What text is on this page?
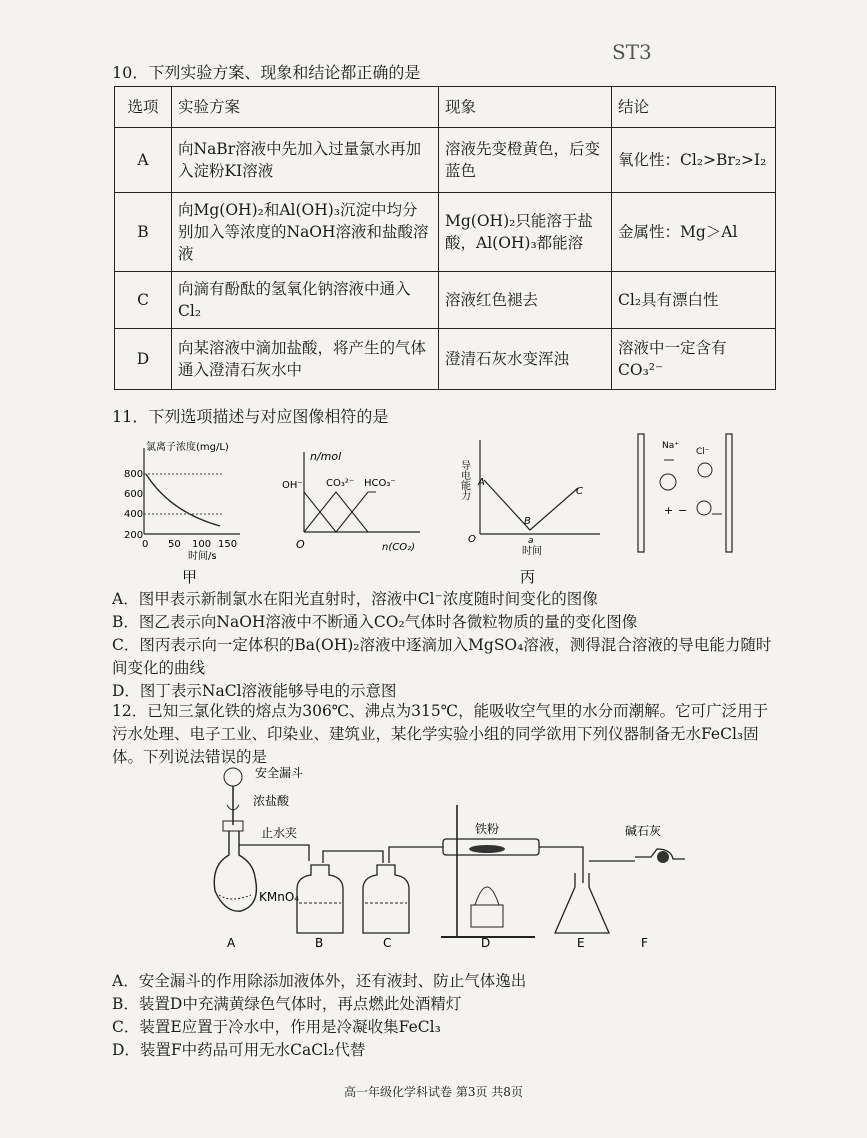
ST3
10．下列实验方案、现象和结论都正确的是
选项	实验方案	现象	结论
A	向NaBr溶液中先加入过量氯水再加入淀粉KI溶液	溶液先变橙黄色，后变蓝色	氧化性：Cl₂>Br₂>I₂
B	向Mg(OH)₂和Al(OH)₃沉淀中均分别加入等浓度的NaOH溶液和盐酸溶液	Mg(OH)₂只能溶于盐酸，Al(OH)₃都能溶	金属性：Mg＞Al
C	向滴有酚酞的氢氧化钠溶液中通入Cl₂	溶液红色褪去	Cl₂具有漂白性
D	向某溶液中滴加盐酸，将产生的气体通入澄清石灰水中	澄清石灰水变浑浊	溶液中一定含有CO₃²⁻
11．下列选项描述与对应图像相符的是
氯离子浓度(mg/L)
800
600
400
200
0 50 100 150
时间/s
甲
n/mol
OH⁻ CO₃²⁻ HCO₃⁻
O	n(CO₂)
导电能力 A
B
C
O	a
时间
丙
Na⁺
Cl⁻
+ −
A．图甲表示新制氯水在阳光直射时，溶液中Cl⁻浓度随时间变化的图像
B．图乙表示向NaOH溶液中不断通入CO₂气体时各微粒物质的量的变化图像
C．图丙表示向一定体积的Ba(OH)₂溶液中逐滴加入MgSO₄溶液，测得混合溶液的导电能力随时间变化的曲线
D．图丁表示NaCl溶液能够导电的示意图
12．已知三氯化铁的熔点为306℃、沸点为315℃，能吸收空气里的水分而潮解。它可广泛用于污水处理、电子工业、印染业、建筑业，某化学实验小组的同学欲用下列仪器制备无水FeCl₃固体。下列说法错误的是
安全漏斗
浓盐酸
KMnO₄
止水夹	铁粉	碱石灰
A	B	C	D	E	F
A．安全漏斗的作用除添加液体外，还有液封、防止气体逸出
B．装置D中充满黄绿色气体时，再点燃此处酒精灯
C．装置E应置于冷水中，作用是冷凝收集FeCl₃
D．装置F中药品可用无水CaCl₂代替
高一年级化学科试卷 第3页 共8页
